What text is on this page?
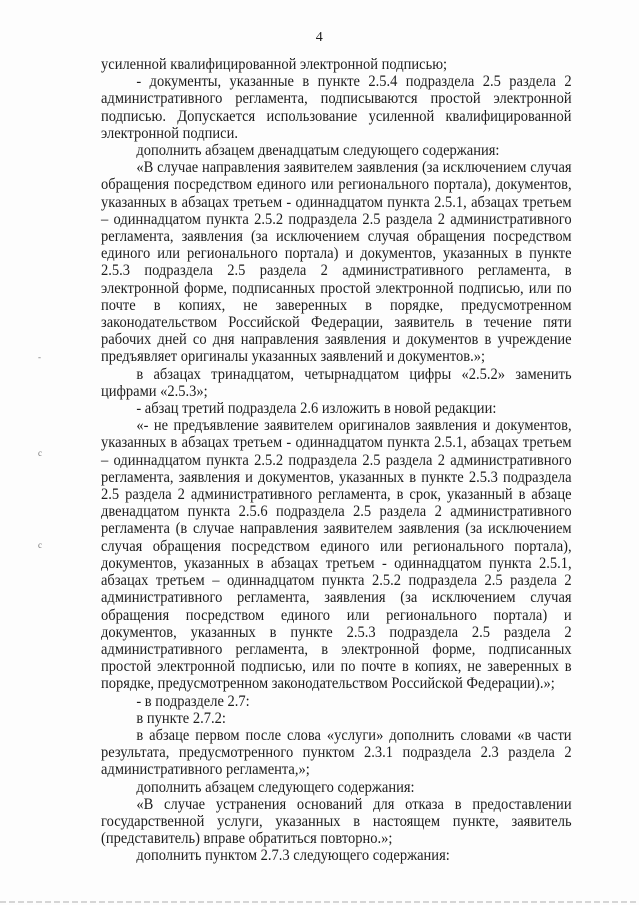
4
-
c
c

усиленной квалифицированной электронной подписью;

- документы, указанные в пункте 2.5.4 подраздела 2.5 раздела 2 административного регламента, подписываются простой электронной подписью. Допускается использование усиленной квалифицированной электронной подписи.

дополнить абзацем двенадцатым следующего содержания:

«В случае направления заявителем заявления (за исключением случая обращения посредством единого или регионального портала), документов, указанных в абзацах третьем - одиннадцатом пункта 2.5.1, абзацах третьем – одиннадцатом пункта 2.5.2 подраздела 2.5 раздела 2 административного регламента, заявления (за исключением случая обращения посредством единого или регионального портала) и документов, указанных в пункте 2.5.3 подраздела 2.5 раздела 2 административного регламента, в электронной форме, подписанных простой электронной подписью, или по почте в копиях, не заверенных в порядке, предусмотренном законодательством Российской Федерации, заявитель в течение пяти рабочих дней со дня направления заявления и документов в учреждение предъявляет оригиналы указанных заявлений и документов.»;

в абзацах тринадцатом, четырнадцатом цифры «2.5.2» заменить цифрами «2.5.3»;

- абзац третий подраздела 2.6 изложить в новой редакции:

«- не предъявление заявителем оригиналов заявления и документов, указанных в абзацах третьем - одиннадцатом пункта 2.5.1, абзацах третьем – одиннадцатом пункта 2.5.2 подраздела 2.5 раздела 2 административного регламента, заявления и документов, указанных в пункте 2.5.3 подраздела 2.5 раздела 2 административного регламента, в срок, указанный в абзаце двенадцатом пункта 2.5.6 подраздела 2.5 раздела 2 административного регламента (в случае направления заявителем заявления (за исключением случая обращения посредством единого или регионального портала), документов, указанных в абзацах третьем - одиннадцатом пункта 2.5.1, абзацах третьем – одиннадцатом пункта 2.5.2 подраздела 2.5 раздела 2 административного регламента, заявления (за исключением случая обращения посредством единого или регионального портала) и документов, указанных в пункте 2.5.3 подраздела 2.5 раздела 2 административного регламента, в электронной форме, подписанных простой электронной подписью, или по почте в копиях, не заверенных в порядке, предусмотренном законодательством Российской Федерации).»;

- в подразделе 2.7:

в пункте 2.7.2:

в абзаце первом после слова «услуги» дополнить словами «в части результата, предусмотренного пунктом 2.3.1 подраздела 2.3 раздела 2 административного регламента,»;

дополнить абзацем следующего содержания:

«В случае устранения оснований для отказа в предоставлении государственной услуги, указанных в настоящем пункте, заявитель (представитель) вправе обратиться повторно.»;

дополнить пунктом 2.7.3 следующего содержания:
